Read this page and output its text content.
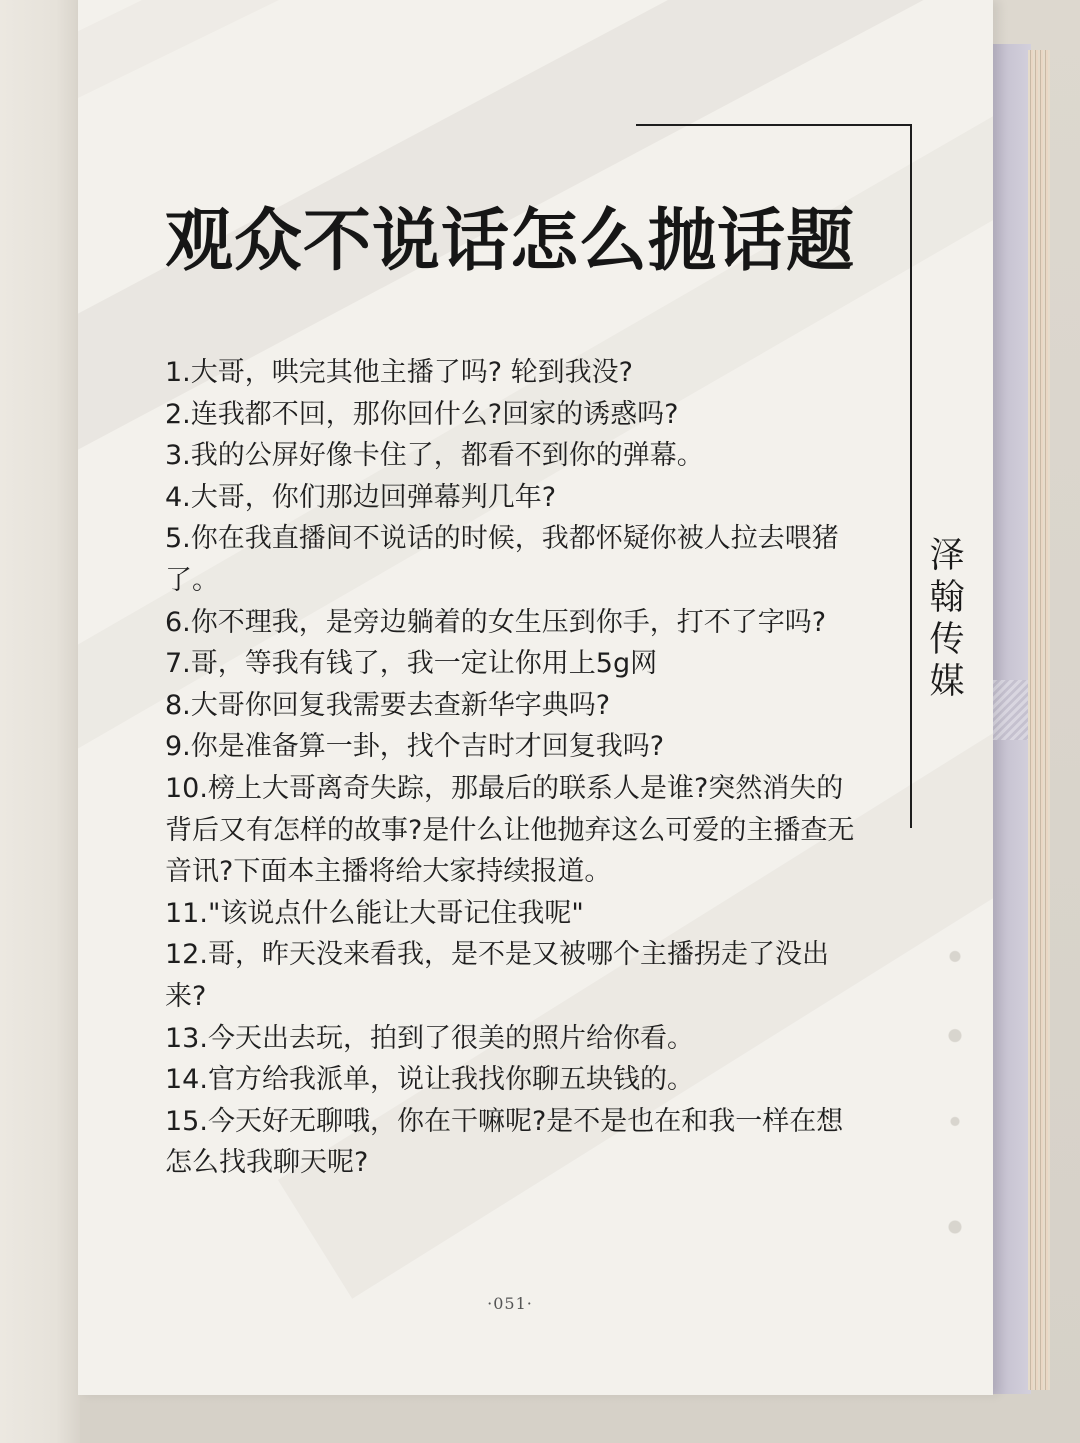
观众不说话怎么抛话题
1.大哥，哄完其他主播了吗? 轮到我没?
2.连我都不回，那你回什么?回家的诱惑吗?
3.我的公屏好像卡住了，都看不到你的弹幕。
4.大哥，你们那边回弹幕判几年?
5.你在我直播间不说话的时候，我都怀疑你被人拉去喂猪了。
6.你不理我，是旁边躺着的女生压到你手，打不了字吗?
7.哥，等我有钱了，我一定让你用上5g网
8.大哥你回复我需要去查新华字典吗?
9.你是准备算一卦，找个吉时才回复我吗?
10.榜上大哥离奇失踪，那最后的联系人是谁?突然消失的背后又有怎样的故事?是什么让他抛弃这么可爱的主播查无音讯?下面本主播将给大家持续报道。
11."该说点什么能让大哥记住我呢"
12.哥，昨天没来看我，是不是又被哪个主播拐走了没出来?
13.今天出去玩，拍到了很美的照片给你看。
14.官方给我派单，说让我找你聊五块钱的。
15.今天好无聊哦，你在干嘛呢?是不是也在和我一样在想怎么找我聊天呢?
泽翰传媒
·051·
